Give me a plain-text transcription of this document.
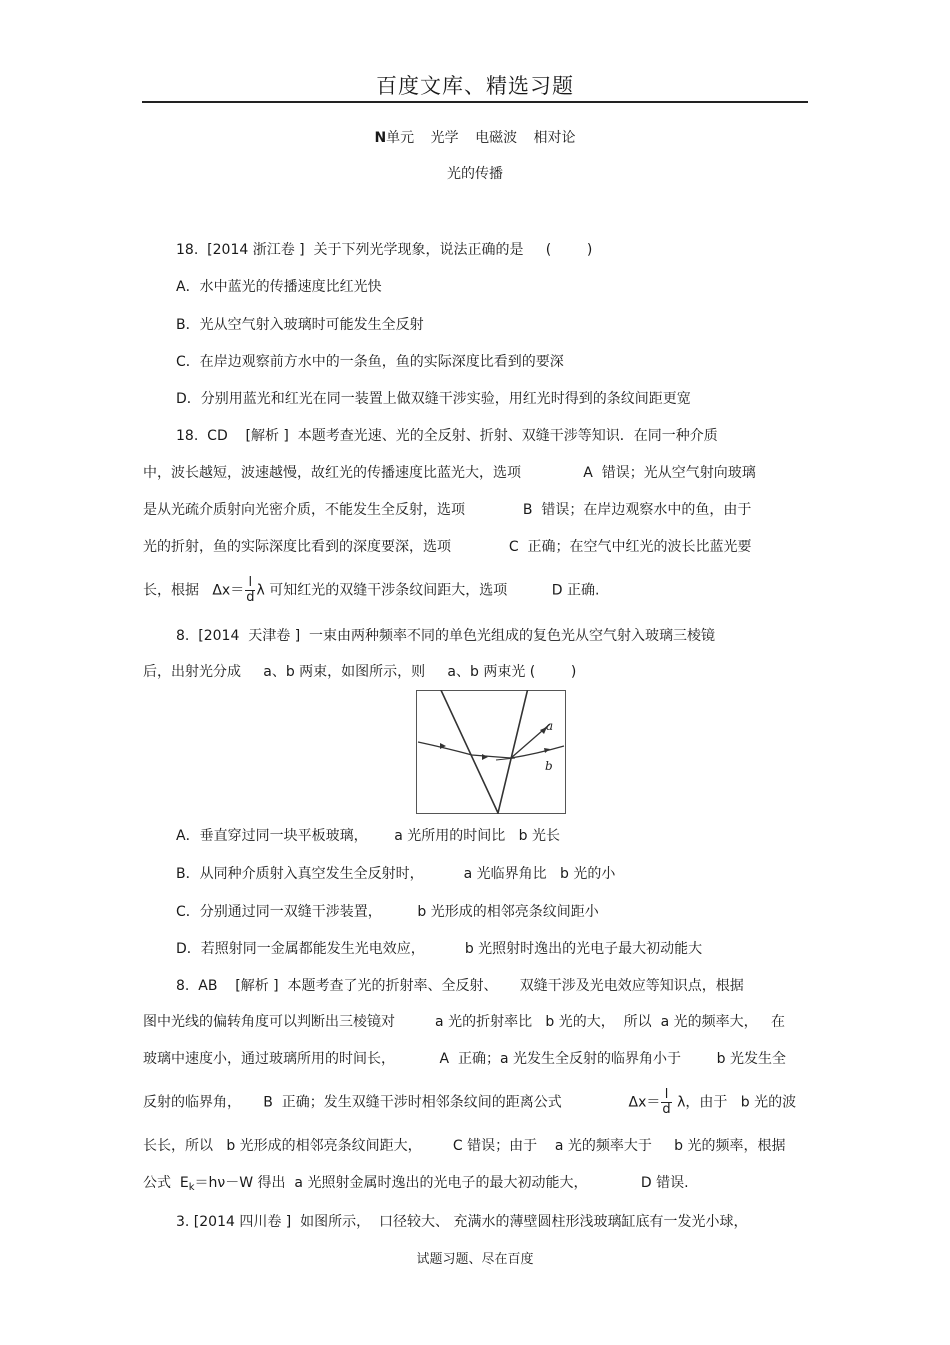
百度文库、精选习题
N单元 光学 电磁波 相对论
光的传播
18.  [2014 浙江卷 ]  关于下列光学现象，说法正确的是     (        )
A．水中蓝光的传播速度比红光快
B．光从空气射入玻璃时可能发生全反射
C．在岸边观察前方水中的一条鱼，鱼的实际深度比看到的要深
D．分别用蓝光和红光在同一装置上做双缝干涉实验，用红光时得到的条纹间距更宽
18.  CD    [解析 ]  本题考查光速、光的全反射、折射、双缝干涉等知识．在同一种介质
中，波长越短，波速越慢，故红光的传播速度比蓝光大，选项              A  错误；光从空气射向玻璃
是从光疏介质射向光密介质，不能发生全反射，选项             B  错误；在岸边观察水中的鱼，由于
光的折射，鱼的实际深度比看到的深度要深，选项             C  正确；在空气中红光的波长比蓝光要
长，根据   $\Delta x= \frac{l}{d}$ λ 可知红光的双缝干涉条纹间距大，选项          D 正确.
8.  [2014  天津卷 ]  一束由两种频率不同的单色光组成的复色光从空气射入玻璃三棱镜
后，出射光分成     a、b 两束，如图所示，则     a、b 两束光 (        )
a
b
A．垂直穿过同一块平板玻璃，      a 光所用的时间比   b 光长
B．从同种介质射入真空发生全反射时，         a 光临界角比   b 光的小
C．分别通过同一双缝干涉装置，        b 光形成的相邻亮条纹间距小
D．若照射同一金属都能发生光电效应，         b 光照射时逸出的光电子最大初动能大
8.  AB    [解析 ]  本题考查了光的折射率、全反射、     双缝干涉及光电效应等知识点，根据
图中光线的偏转角度可以判断出三棱镜对         a 光的折射率比   b 光的大，  所以  a 光的频率大，   在
玻璃中速度小，通过玻璃所用的时间长，          A  正确；a 光发生全反射的临界角小于        b 光发生全
反射的临界角，     B  正确；发生双缝干涉时相邻条纹间的距离公式               $\Delta x= \frac{l}{d}$ λ，由于   b 光的波
长长，所以   b 光形成的相邻亮条纹间距大，       C 错误；由于    a 光的频率大于     b 光的频率，根据
公式  $E_k=h\nu-W$ 得出  a 光照射金属时逸出的光电子的最大初动能大，            D 错误.
3. [2014 四川卷 ]  如图所示，  口径较大、 充满水的薄壁圆柱形浅玻璃缸底有一发光小球，
试题习题、尽在百度
